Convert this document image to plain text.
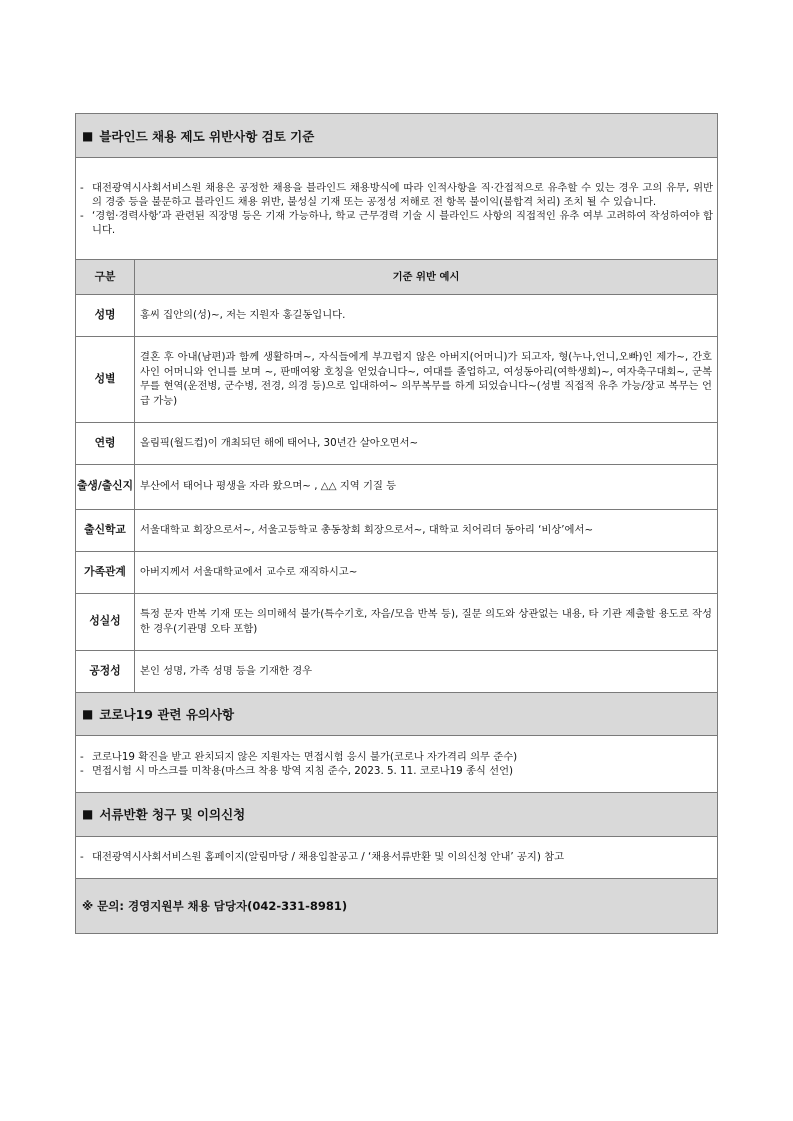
■ 블라인드 채용 제도 위반사항 검토 기준
- 대전광역시사회서비스원 채용은 공정한 채용을 블라인드 채용방식에 따라 인적사항을 직·간접적으로 유추할 수 있는 경우 고의 유무, 위반의 경중 등을 불문하고 블라인드 채용 위반, 불성실 기재 또는 공정성 저해로 전 항목 불이익(불합격 처리) 조치 될 수 있습니다.
- ‘경험·경력사항’과 관련된 직장명 등은 기재 가능하나, 학교 근무경력 기술 시 블라인드 사항의 직접적인 유추 여부 고려하여 작성하여야 합니다.
구분	기준 위반 예시
성명	홍씨 집안의(성)~, 저는 지원자 홍길동입니다.
성별	결혼 후 아내(남편)과 함께 생활하며~, 자식들에게 부끄럽지 않은 아버지(어머니)가 되고자, 형(누나,언니,오빠)인 제가~, 간호사인 어머니와 언니를 보며 ~, 판매여왕 호칭을 얻었습니다~, 여대를 졸업하고, 여성동아리(여학생회)~, 여자축구대회~, 군복무를 현역(운전병, 군수병, 전경, 의경 등)으로 입대하여~ 의무복무를 하게 되었습니다~(성별 직접적 유추 가능/장교 복무는 언급 가능)
연령	올림픽(월드컵)이 개최되던 해에 태어나, 30년간 살아오면서~
출생/출신지	부산에서 태어나 평생을 자라 왔으며~ , △△ 지역 기질 등
출신학교	서울대학교 회장으로서~, 서울고등학교 총동창회 회장으로서~, 대학교 치어리더 동아리 ‘비상’에서~
가족관계	아버지께서 서울대학교에서 교수로 재직하시고~
성실성	특정 문자 반복 기재 또는 의미해석 불가(특수기호, 자음/모음 반복 등), 질문 의도와 상관없는 내용, 타 기관 제출할 용도로 작성한 경우(기관명 오타 포함)
공정성	본인 성명, 가족 성명 등을 기재한 경우
■ 코로나19 관련 유의사항
- 코로나19 확진을 받고 완치되지 않은 지원자는 면접시험 응시 불가(코로나 자가격리 의무 준수)
- 면접시험 시 마스크를 미착용(마스크 착용 방역 지침 준수, 2023. 5. 11. 코로나19 종식 선언)
■ 서류반환 청구 및 이의신청
- 대전광역시사회서비스원 홈페이지(알림마당 / 채용입찰공고 / ‘채용서류반환 및 이의신청 안내’ 공지) 참고
※ 문의: 경영지원부 채용 담당자(042-331-8981)
